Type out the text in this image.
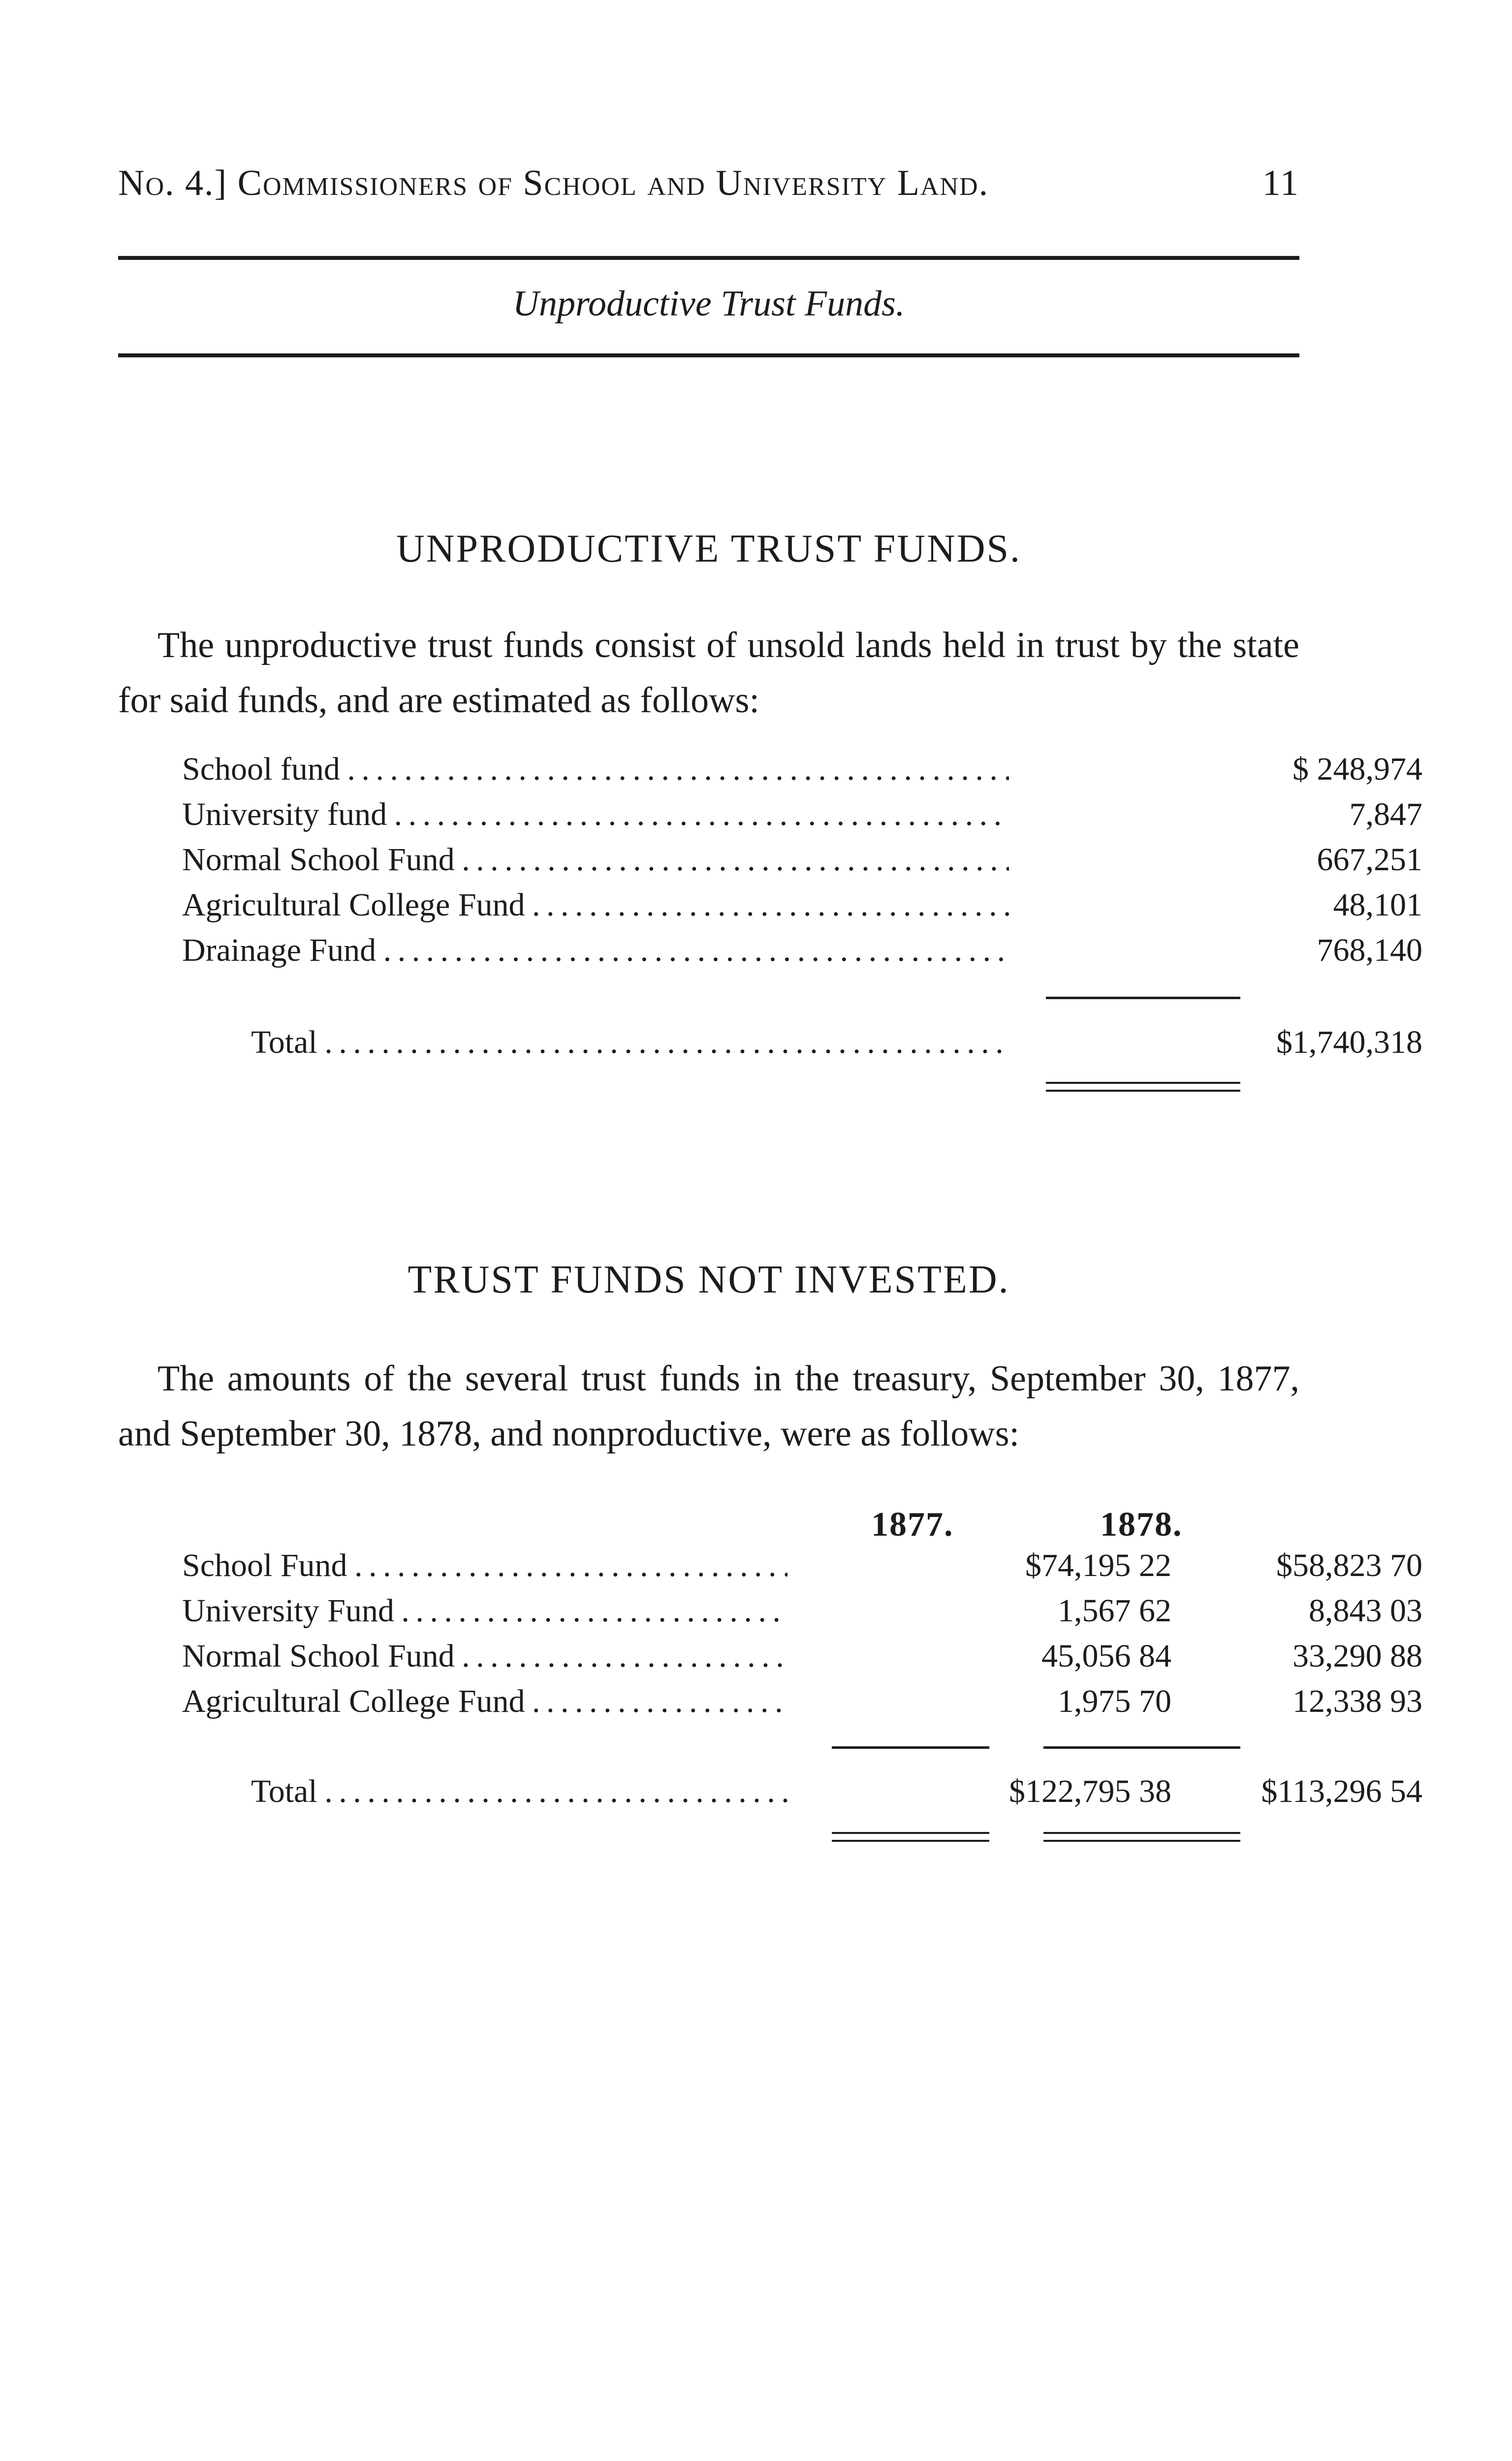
No. 4.] Commissioners of School and University Land.	11
Unproductive Trust Funds.
UNPRODUCTIVE TRUST FUNDS.
The unproductive trust funds consist of unsold lands held in trust by the state for said funds, and are estimated as follows:
School fund . . .	$ 248,974
University fund . . .	7,847
Normal School Fund . . .	667,251
Agricultural College Fund . . .	48,101
Drainage Fund . . .	768,140
Total . . .	$1,740,318
TRUST FUNDS NOT INVESTED.
The amounts of the several trust funds in the treasury, September 30, 1877, and September 30, 1878, and nonproductive, were as follows:
1877.	1878.
School Fund . . .	$74,195 22	$58,823 70
University Fund . . .	1,567 62	8,843 03
Normal School Fund . . .	45,056 84	33,290 88
Agricultural College Fund . . .	1,975 70	12,338 93
Total . . .	$122,795 38	$113,296 54
